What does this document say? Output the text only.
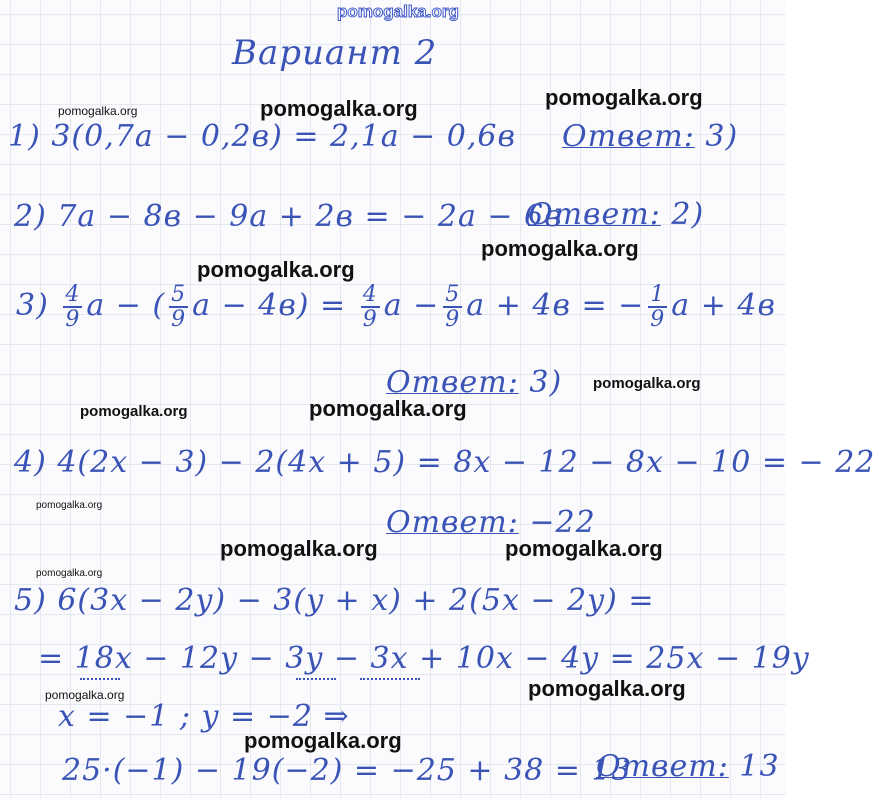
pomogalka.org

pomogalka.org	pomogalka.org	pomogalka.org

pomogalka.org

pomogalka.org

pomogalka.org

pomogalka.org	pomogalka.org

pomogalka.org

pomogalka.org	pomogalka.org

pomogalka.org

pomogalka.org	pomogalka.org

pomogalka.org

Вариант 2

1) 3(0,7a − 0,2в) = 2,1a − 0,6в Ответ: 3)

2) 7a − 8в − 9a + 2в = − 2a − 6в

Ответ: 2)

$3) \frac{4}{9}$ a − ( $\frac{5}{9}$ $a - 4в) = \frac{4}{9}$ $a - \frac{5}{9}$ a + 4в = − $\frac{1}{9}$ a + 4в

Ответ: 3)

4) 4(2x − 3) − 2(4x + 5) = 8x − 12 − 8x − 10 = − 22

Ответ: −22

5) 6(3x − 2y) − 3(y + x) + 2(5x − 2y) =

= 18x − 12y − 3y − 3x + 10x − 4y = 25x − 19y

x = −1 ; y = −2 ⇒

25·(−1) − 19(−2) = −25 + 38 = 13

Ответ: 13
